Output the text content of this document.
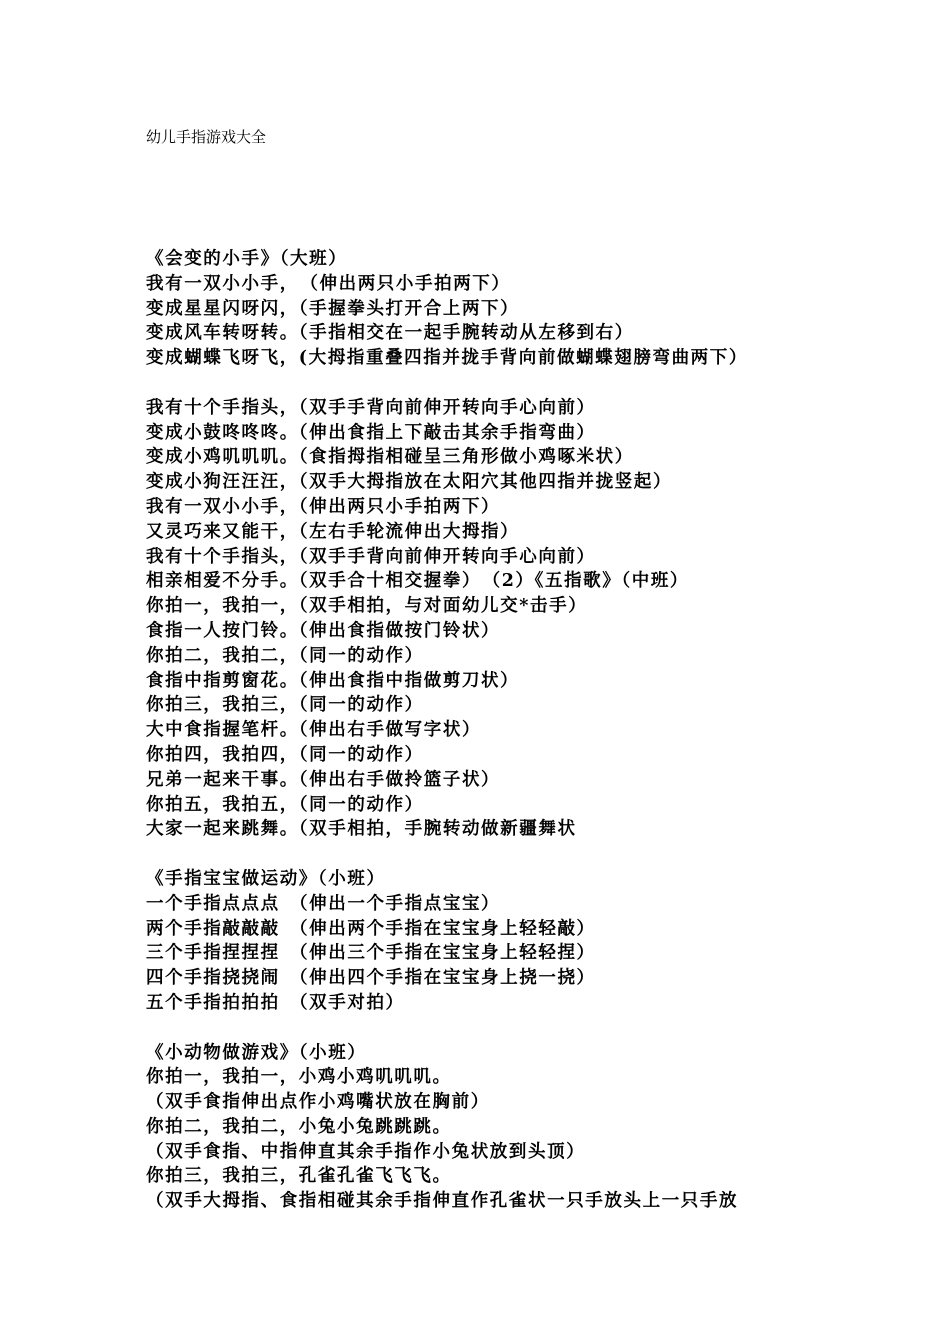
幼儿手指游戏大全
《会变的小手》（大班）
我有一双小小手，　（伸出两只小手拍两下）
变成星星闪呀闪，（手握拳头打开合上两下）
变成风车转呀转。（手指相交在一起手腕转动从左移到右）
变成蝴蝶飞呀飞，(大拇指重叠四指并拢手背向前做蝴蝶翅膀弯曲两下）
我有十个手指头，（双手手背向前伸开转向手心向前）
变成小鼓咚咚咚。（伸出食指上下敲击其余手指弯曲）
变成小鸡叽叽叽。（食指拇指相碰呈三角形做小鸡啄米状）
变成小狗汪汪汪，（双手大拇指放在太阳穴其他四指并拢竖起）
我有一双小小手，（伸出两只小手拍两下）
又灵巧来又能干，（左右手轮流伸出大拇指）
我有十个手指头，（双手手背向前伸开转向手心向前）
相亲相爱不分手。（双手合十相交握拳）　（2）《五指歌》（中班）
你拍一，我拍一，（双手相拍，与对面幼儿交*击手）
食指一人按门铃。（伸出食指做按门铃状）
你拍二，我拍二，（同一的动作）
食指中指剪窗花。（伸出食指中指做剪刀状）
你拍三，我拍三，（同一的动作）
大中食指握笔杆。（伸出右手做写字状）
你拍四，我拍四，（同一的动作）
兄弟一起来干事。（伸出右手做拎篮子状）
你拍五，我拍五，（同一的动作）
大家一起来跳舞。（双手相拍，手腕转动做新疆舞状
《手指宝宝做运动》（小班）
一个手指点点点　（伸出一个手指点宝宝）
两个手指敲敲敲　（伸出两个手指在宝宝身上轻轻敲）
三个手指捏捏捏　（伸出三个手指在宝宝身上轻轻捏）
四个手指挠挠闹　（伸出四个手指在宝宝身上挠一挠）
五个手指拍拍拍　（双手对拍）
《小动物做游戏》（小班）
你拍一，我拍一，小鸡小鸡叽叽叽。
（双手食指伸出点作小鸡嘴状放在胸前）
你拍二，我拍二，小兔小兔跳跳跳。
（双手食指、中指伸直其余手指作小兔状放到头顶）
你拍三，我拍三，孔雀孔雀飞飞飞。
（双手大拇指、食指相碰其余手指伸直作孔雀状一只手放头上一只手放
